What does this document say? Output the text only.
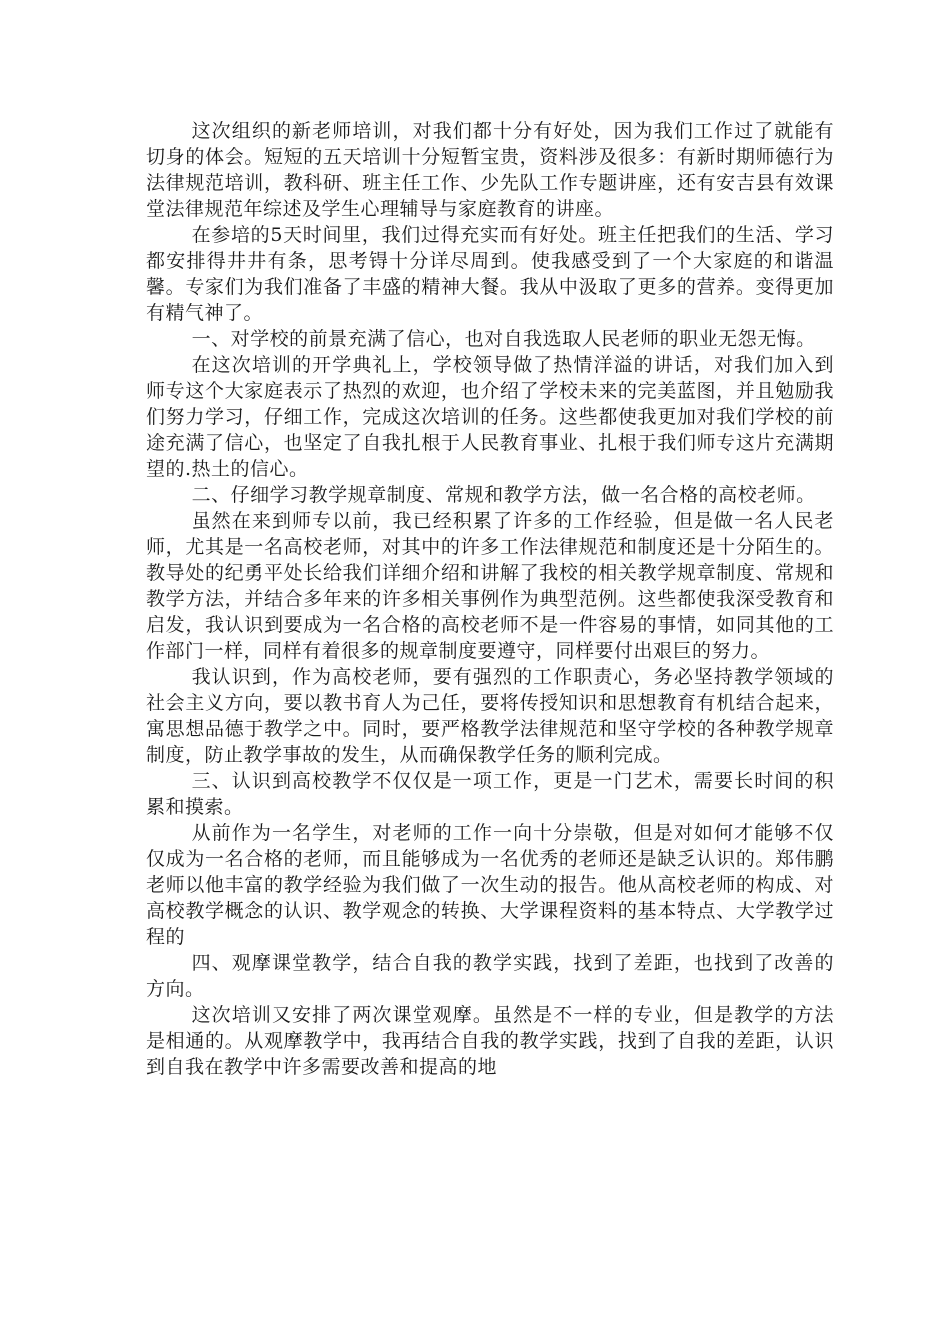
这次组织的新老师培训，对我们都十分有好处，因为我们工作过了就能有切身的体会。短短的五天培训十分短暂宝贵，资料涉及很多：有新时期师德行为法律规范培训，教科研、班主任工作、少先队工作专题讲座，还有安吉县有效课堂法律规范年综述及学生心理辅导与家庭教育的讲座。

在参培的5天时间里，我们过得充实而有好处。班主任把我们的生活、学习都安排得井井有条，思考锝十分详尽周到。使我感受到了一个大家庭的和谐温馨。专家们为我们准备了丰盛的精神大餐。我从中汲取了更多的营养。变得更加有精气神了。

一、对学校的前景充满了信心，也对自我选取人民老师的职业无怨无悔。

在这次培训的开学典礼上，学校领导做了热情洋溢的讲话，对我们加入到师专这个大家庭表示了热烈的欢迎，也介绍了学校未来的完美蓝图，并且勉励我们努力学习，仔细工作，完成这次培训的任务。这些都使我更加对我们学校的前途充满了信心，也坚定了自我扎根于人民教育事业、扎根于我们师专这片充满期望的.热土的信心。

二、仔细学习教学规章制度、常规和教学方法，做一名合格的高校老师。

虽然在来到师专以前，我已经积累了许多的工作经验，但是做一名人民老师，尤其是一名高校老师，对其中的许多工作法律规范和制度还是十分陌生的。教导处的纪勇平处长给我们详细介绍和讲解了我校的相关教学规章制度、常规和教学方法，并结合多年来的许多相关事例作为典型范例。这些都使我深受教育和启发，我认识到要成为一名合格的高校老师不是一件容易的事情，如同其他的工作部门一样，同样有着很多的规章制度要遵守，同样要付出艰巨的努力。

我认识到，作为高校老师，要有强烈的工作职责心，务必坚持教学领域的社会主义方向，要以教书育人为己任，要将传授知识和思想教育有机结合起来，寓思想品德于教学之中。同时，要严格教学法律规范和坚守学校的各种教学规章制度，防止教学事故的发生，从而确保教学任务的顺利完成。

三、认识到高校教学不仅仅是一项工作，更是一门艺术，需要长时间的积累和摸索。

从前作为一名学生，对老师的工作一向十分崇敬，但是对如何才能够不仅仅成为一名合格的老师，而且能够成为一名优秀的老师还是缺乏认识的。郑伟鹏老师以他丰富的教学经验为我们做了一次生动的报告。他从高校老师的构成、对高校教学概念的认识、教学观念的转换、大学课程资料的基本特点、大学教学过程的

四、观摩课堂教学，结合自我的教学实践，找到了差距，也找到了改善的方向。

这次培训又安排了两次课堂观摩。虽然是不一样的专业，但是教学的方法是相通的。从观摩教学中，我再结合自我的教学实践，找到了自我的差距，认识到自我在教学中许多需要改善和提高的地
